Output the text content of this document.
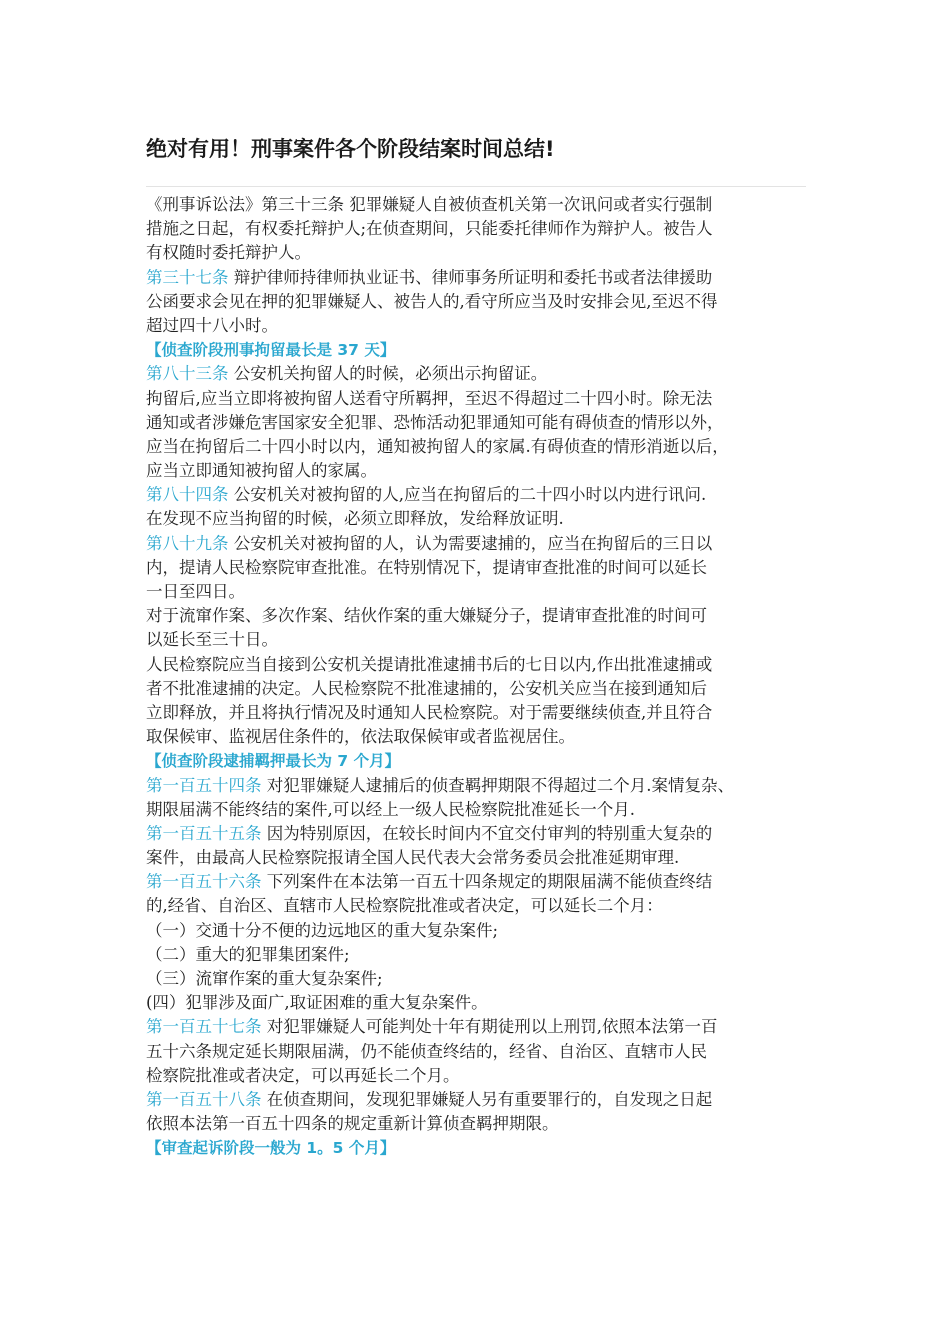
绝对有用！刑事案件各个阶段结案时间总结!
《刑事诉讼法》第三十三条 犯罪嫌疑人自被侦查机关第一次讯问或者实行强制
措施之日起，有权委托辩护人;在侦查期间，只能委托律师作为辩护人。被告人
有权随时委托辩护人。
第三十七条 辩护律师持律师执业证书、律师事务所证明和委托书或者法律援助
公函要求会见在押的犯罪嫌疑人、被告人的,看守所应当及时安排会见,至迟不得
超过四十八小时。
【侦查阶段刑事拘留最长是 37 天】
第八十三条 公安机关拘留人的时候，必须出示拘留证。
拘留后,应当立即将被拘留人送看守所羁押，至迟不得超过二十四小时。除无法
通知或者涉嫌危害国家安全犯罪、恐怖活动犯罪通知可能有碍侦查的情形以外，
应当在拘留后二十四小时以内，通知被拘留人的家属.有碍侦查的情形消逝以后，
应当立即通知被拘留人的家属。
第八十四条 公安机关对被拘留的人,应当在拘留后的二十四小时以内进行讯问.
在发现不应当拘留的时候，必须立即释放，发给释放证明.
第八十九条 公安机关对被拘留的人，认为需要逮捕的，应当在拘留后的三日以
内，提请人民检察院审查批准。在特别情况下，提请审查批准的时间可以延长
一日至四日。
对于流窜作案、多次作案、结伙作案的重大嫌疑分子，提请审查批准的时间可
以延长至三十日。
人民检察院应当自接到公安机关提请批准逮捕书后的七日以内,作出批准逮捕或
者不批准逮捕的决定。人民检察院不批准逮捕的，公安机关应当在接到通知后
立即释放，并且将执行情况及时通知人民检察院。对于需要继续侦查,并且符合
取保候审、监视居住条件的，依法取保候审或者监视居住。
【侦查阶段逮捕羁押最长为 7 个月】
第一百五十四条 对犯罪嫌疑人逮捕后的侦查羁押期限不得超过二个月.案情复杂、
期限届满不能终结的案件,可以经上一级人民检察院批准延长一个月.
第一百五十五条 因为特别原因，在较长时间内不宜交付审判的特别重大复杂的
案件，由最高人民检察院报请全国人民代表大会常务委员会批准延期审理.
第一百五十六条 下列案件在本法第一百五十四条规定的期限届满不能侦查终结
的,经省、自治区、直辖市人民检察院批准或者决定，可以延长二个月：
（一）交通十分不便的边远地区的重大复杂案件;
（二）重大的犯罪集团案件;
（三）流窜作案的重大复杂案件;
(四）犯罪涉及面广,取证困难的重大复杂案件。
第一百五十七条 对犯罪嫌疑人可能判处十年有期徒刑以上刑罚,依照本法第一百
五十六条规定延长期限届满，仍不能侦查终结的，经省、自治区、直辖市人民
检察院批准或者决定，可以再延长二个月。
第一百五十八条 在侦查期间，发现犯罪嫌疑人另有重要罪行的，自发现之日起
依照本法第一百五十四条的规定重新计算侦查羁押期限。
【审查起诉阶段一般为 1。5 个月】
